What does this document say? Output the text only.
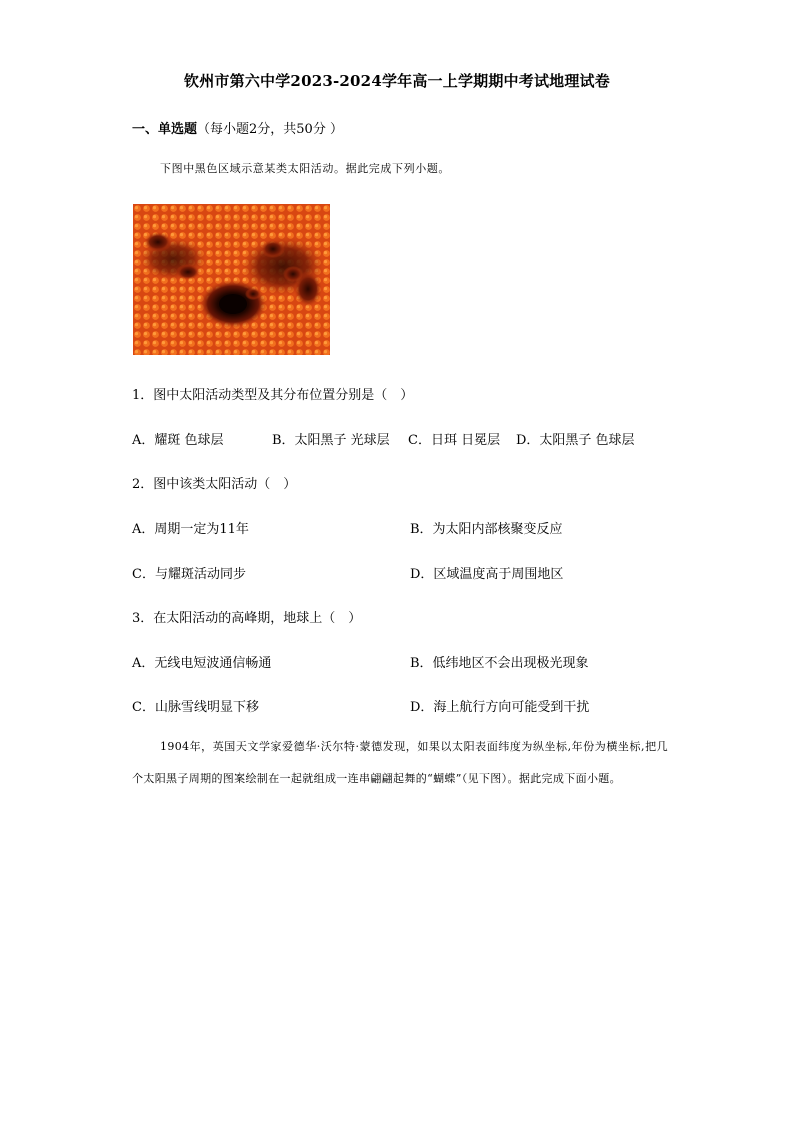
钦州市第六中学2023-2024学年高一上学期期中考试地理试卷
一、单选题（每小题2分，共50分 ）
下图中黑色区域示意某类太阳活动。据此完成下列小题。
1．图中太阳活动类型及其分布位置分别是（　）
A．耀斑 色球层	B．太阳黑子 光球层 C．日珥 日冕层 D．太阳黑子 色球层
2．图中该类太阳活动（　）
A．周期一定为11年	B．为太阳内部核聚变反应
C．与耀斑活动同步	D．区域温度高于周围地区
3．在太阳活动的高峰期，地球上（　）
A．无线电短波通信畅通	B．低纬地区不会出现极光现象
C．山脉雪线明显下移	D．海上航行方向可能受到干扰
1904年，英国天文学家爱德华·沃尔特·蒙德发现，如果以太阳表面纬度为纵坐标,年份为横坐标,把几个太阳黑子周期的图案绘制在一起就组成一连串翩翩起舞的“蝴蝶”（见下图）。据此完成下面小题。
